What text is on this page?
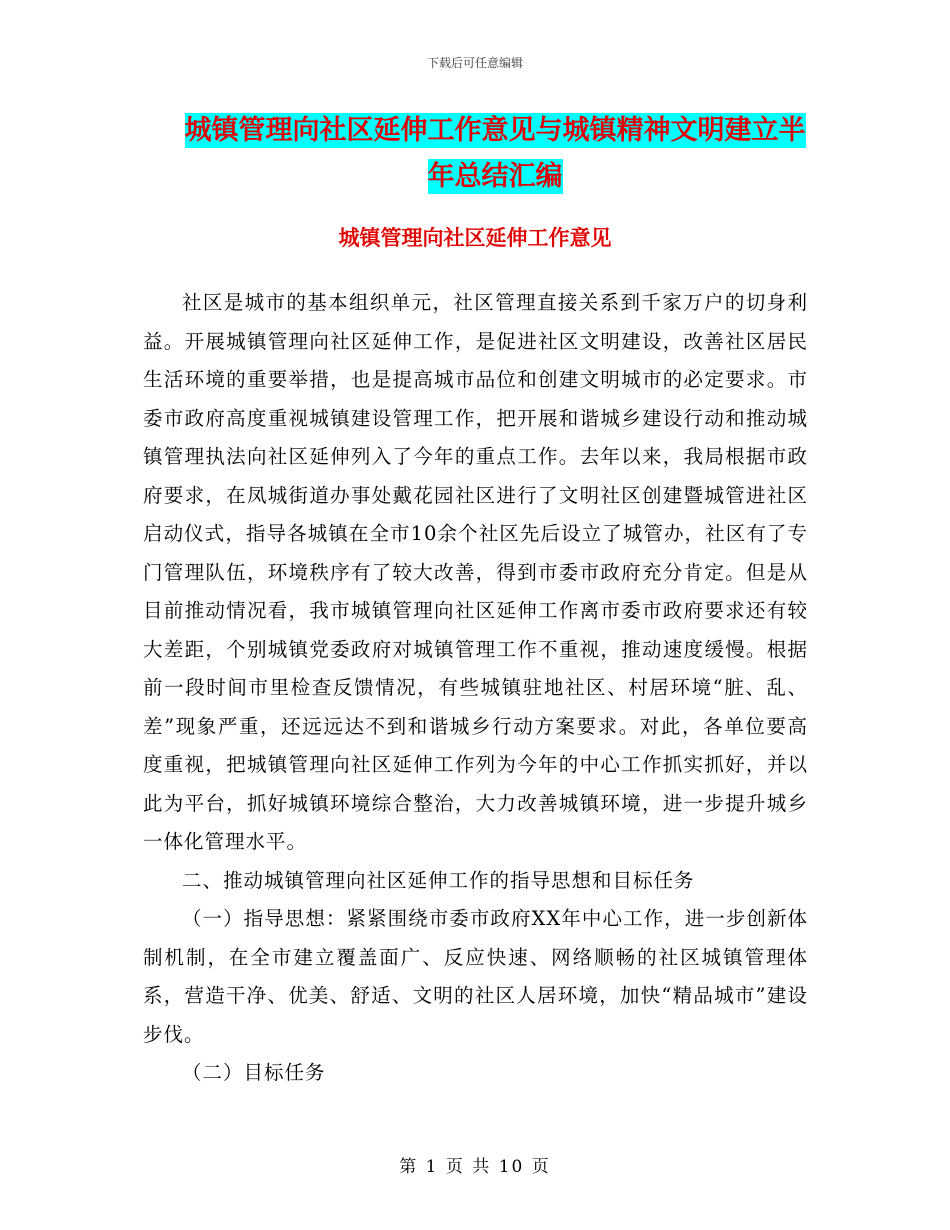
下载后可任意编辑
城镇管理向社区延伸工作意见与城镇精神文明建立半
年总结汇编
城镇管理向社区延伸工作意见

社区是城市的基本组织单元，社区管理直接关系到千家万户的切身利益。开展城镇管理向社区延伸工作，是促进社区文明建设，改善社区居民生活环境的重要举措，也是提高城市品位和创建文明城市的必定要求。市委市政府高度重视城镇建设管理工作，把开展和谐城乡建设行动和推动城镇管理执法向社区延伸列入了今年的重点工作。去年以来，我局根据市政府要求，在凤城街道办事处戴花园社区进行了文明社区创建暨城管进社区启动仪式，指导各城镇在全市10余个社区先后设立了城管办，社区有了专门管理队伍，环境秩序有了较大改善，得到市委市政府充分肯定。但是从目前推动情况看，我市城镇管理向社区延伸工作离市委市政府要求还有较大差距，个别城镇党委政府对城镇管理工作不重视，推动速度缓慢。根据前一段时间市里检查反馈情况，有些城镇驻地社区、村居环境“脏、乱、差”现象严重，还远远达不到和谐城乡行动方案要求。对此，各单位要高度重视，把城镇管理向社区延伸工作列为今年的中心工作抓实抓好，并以此为平台，抓好城镇环境综合整治，大力改善城镇环境，进一步提升城乡一体化管理水平。

二、推动城镇管理向社区延伸工作的指导思想和目标任务

（一）指导思想：紧紧围绕市委市政府XX年中心工作，进一步创新体制机制，在全市建立覆盖面广、反应快速、网络顺畅的社区城镇管理体系，营造干净、优美、舒适、文明的社区人居环境，加快“精品城市”建设步伐。

（二）目标任务

第 1 页 共 10 页
